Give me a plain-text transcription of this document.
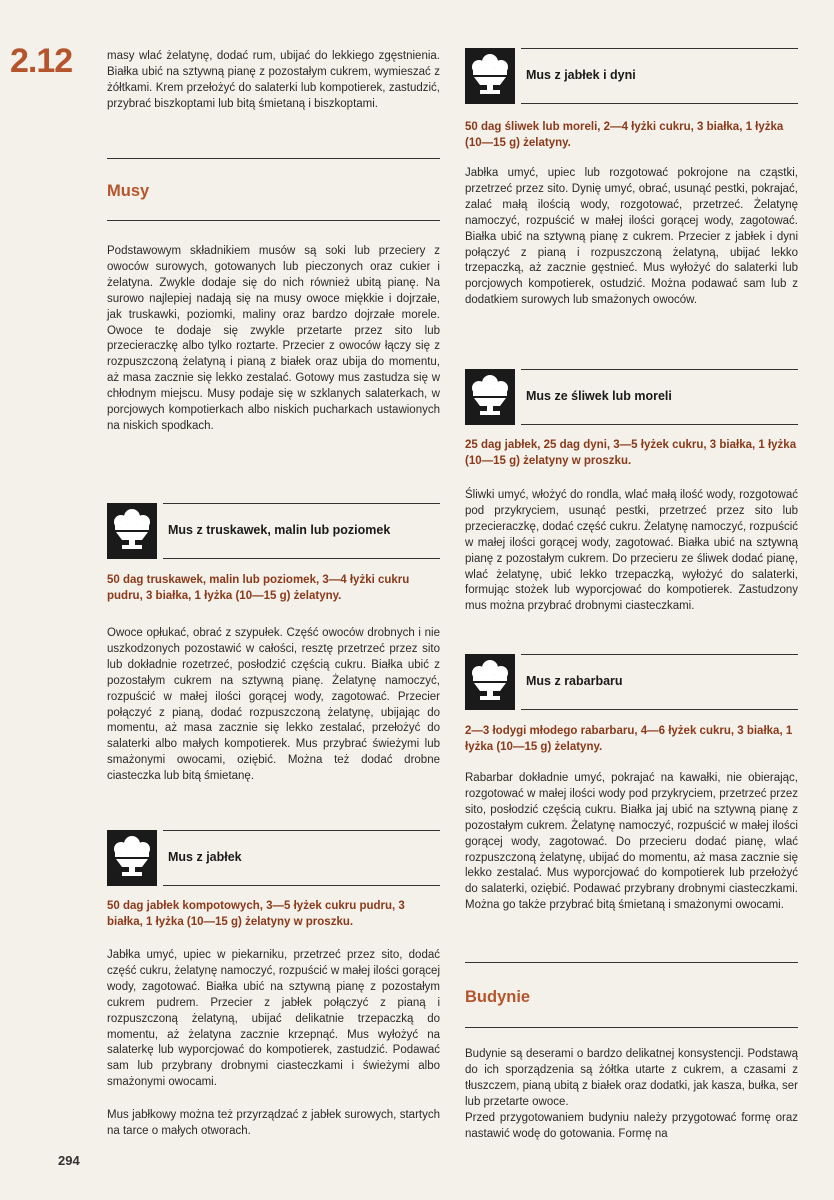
2.12
294

masy wlać żelatynę, dodać rum, ubijać do lekkiego zgęstnienia. Białka ubić na sztywną pianę z pozostałym cukrem, wymieszać z żółtkami. Krem przełożyć do salaterki lub kompotierek, zastudzić, przybrać biszkoptami lub bitą śmietaną i biszkoptami.

Musy

Podstawowym składnikiem musów są soki lub przeciery z owoców surowych, gotowanych lub pieczonych oraz cukier i żelatyna. Zwykle dodaje się do nich również ubitą pianę. Na surowo najlepiej nadają się na musy owoce miękkie i dojrzałe, jak truskawki, poziomki, maliny oraz bardzo dojrzałe morele. Owoce te dodaje się zwykle przetarte przez sito lub przecieraczkę albo tylko roztarte. Przecier z owoców łączy się z rozpuszczoną żelatyną i pianą z białek oraz ubija do momentu, aż masa zacznie się lekko zestalać. Gotowy mus zastudza się w chłodnym miejscu. Musy podaje się w szklanych salaterkach, w porcjowych kompotierkach albo niskich pucharkach ustawionych na niskich spodkach.

Mus z truskawek, malin lub poziomek

50 dag truskawek, malin lub poziomek, 3—4 łyżki cukru pudru, 3 białka, 1 łyżka (10—15 g) żelatyny.

Owoce opłukać, obrać z szypułek. Część owoców drobnych i nie uszkodzonych pozostawić w całości, resztę przetrzeć przez sito lub dokładnie rozetrzeć, posłodzić częścią cukru. Białka ubić z pozostałym cukrem na sztywną pianę. Żelatynę namoczyć, rozpuścić w małej ilości gorącej wody, zagotować. Przecier połączyć z pianą, dodać rozpuszczoną żelatynę, ubijając do momentu, aż masa zacznie się lekko zestalać, przełożyć do salaterki albo małych kompotierek. Mus przybrać świeżymi lub smażonymi owocami, oziębić. Można też dodać drobne ciasteczka lub bitą śmietanę.

Mus z jabłek

50 dag jabłek kompotowych, 3—5 łyżek cukru pudru, 3 białka, 1 łyżka (10—15 g) żelatyny w proszku.

Jabłka umyć, upiec w piekarniku, przetrzeć przez sito, dodać część cukru, żelatynę namoczyć, rozpuścić w małej ilości gorącej wody, zagotować. Białka ubić na sztywną pianę z pozostałym cukrem pudrem. Przecier z jabłek połączyć z pianą i rozpuszczoną żelatyną, ubijać delikatnie trzepaczką do momentu, aż żelatyna zacznie krzepnąć. Mus wyłożyć na salaterkę lub wyporcjować do kompotierek, zastudzić. Podawać sam lub przybrany drobnymi ciasteczkami i świeżymi albo smażonymi owocami.

Mus jabłkowy można też przyrządzać z jabłek surowych, startych na tarce o małych otworach.

Mus z jabłek i dyni

50 dag śliwek lub moreli, 2—4 łyżki cukru, 3 białka, 1 łyżka (10—15 g) żelatyny.

Jabłka umyć, upiec lub rozgotować pokrojone na cząstki, przetrzeć przez sito. Dynię umyć, obrać, usunąć pestki, pokrajać, zalać małą ilością wody, rozgotować, przetrzeć. Żelatynę namoczyć, rozpuścić w małej ilości gorącej wody, zagotować. Białka ubić na sztywną pianę z cukrem. Przecier z jabłek i dyni połączyć z pianą i rozpuszczoną żelatyną, ubijać lekko trzepaczką, aż zacznie gęstnieć. Mus wyłożyć do salaterki lub porcjowych kompotierek, ostudzić. Można podawać sam lub z dodatkiem surowych lub smażonych owoców.

Mus ze śliwek lub moreli

25 dag jabłek, 25 dag dyni, 3—5 łyżek cukru, 3 białka, 1 łyżka (10—15 g) żelatyny w proszku.

Śliwki umyć, włożyć do rondla, wlać małą ilość wody, rozgotować pod przykryciem, usunąć pestki, przetrzeć przez sito lub przecieraczkę, dodać część cukru. Żelatynę namoczyć, rozpuścić w małej ilości gorącej wody, zagotować. Białka ubić na sztywną pianę z pozostałym cukrem. Do przecieru ze śliwek dodać pianę, wlać żelatynę, ubić lekko trzepaczką, wyłożyć do salaterki, formując stożek lub wyporcjować do kompotierek. Zastudzony mus można przybrać drobnymi ciasteczkami.

Mus z rabarbaru

2—3 łodygi młodego rabarbaru, 4—6 łyżek cukru, 3 białka, 1 łyżka (10—15 g) żelatyny.

Rabarbar dokładnie umyć, pokrajać na kawałki, nie obierając, rozgotować w małej ilości wody pod przykryciem, przetrzeć przez sito, posłodzić częścią cukru. Białka jaj ubić na sztywną pianę z pozostałym cukrem. Żelatynę namoczyć, rozpuścić w małej ilości gorącej wody, zagotować. Do przecieru dodać pianę, wlać rozpuszczoną żelatynę, ubijać do momentu, aż masa zacznie się lekko zestalać. Mus wyporcjować do kompotierek lub przełożyć do salaterki, oziębić. Podawać przybrany drobnymi ciasteczkami. Można go także przybrać bitą śmietaną i smażonymi owocami.

Budynie

Budynie są deserami o bardzo delikatnej konsystencji. Podstawą do ich sporządzenia są żółtka utarte z cukrem, a czasami z tłuszczem, pianą ubitą z białek oraz dodatki, jak kasza, bułka, ser lub przetarte owoce.

Przed przygotowaniem budyniu należy przygotować formę oraz nastawić wodę do gotowania. Formę na
